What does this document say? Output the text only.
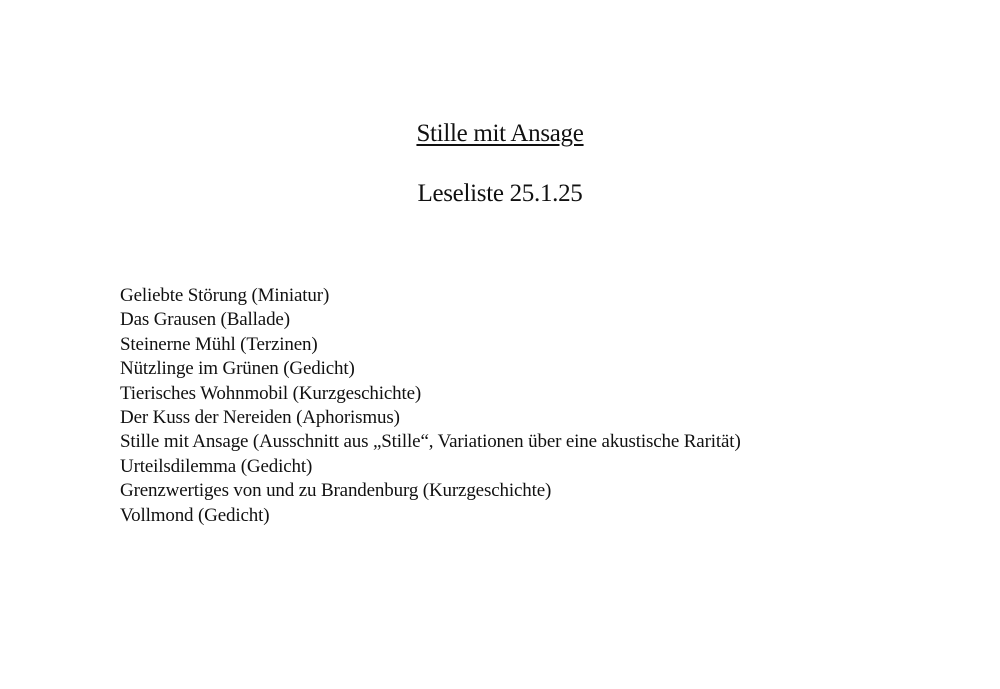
Stille mit Ansage
Leseliste 25.1.25
Geliebte Störung (Miniatur)
Das Grausen (Ballade)
Steinerne Mühl (Terzinen)
Nützlinge im Grünen (Gedicht)
Tierisches Wohnmobil (Kurzgeschichte)
Der Kuss der Nereiden (Aphorismus)
Stille mit Ansage (Ausschnitt aus „Stille“, Variationen über eine akustische Rarität)
Urteilsdilemma (Gedicht)
Grenzwertiges von und zu Brandenburg (Kurzgeschichte)
Vollmond (Gedicht)
